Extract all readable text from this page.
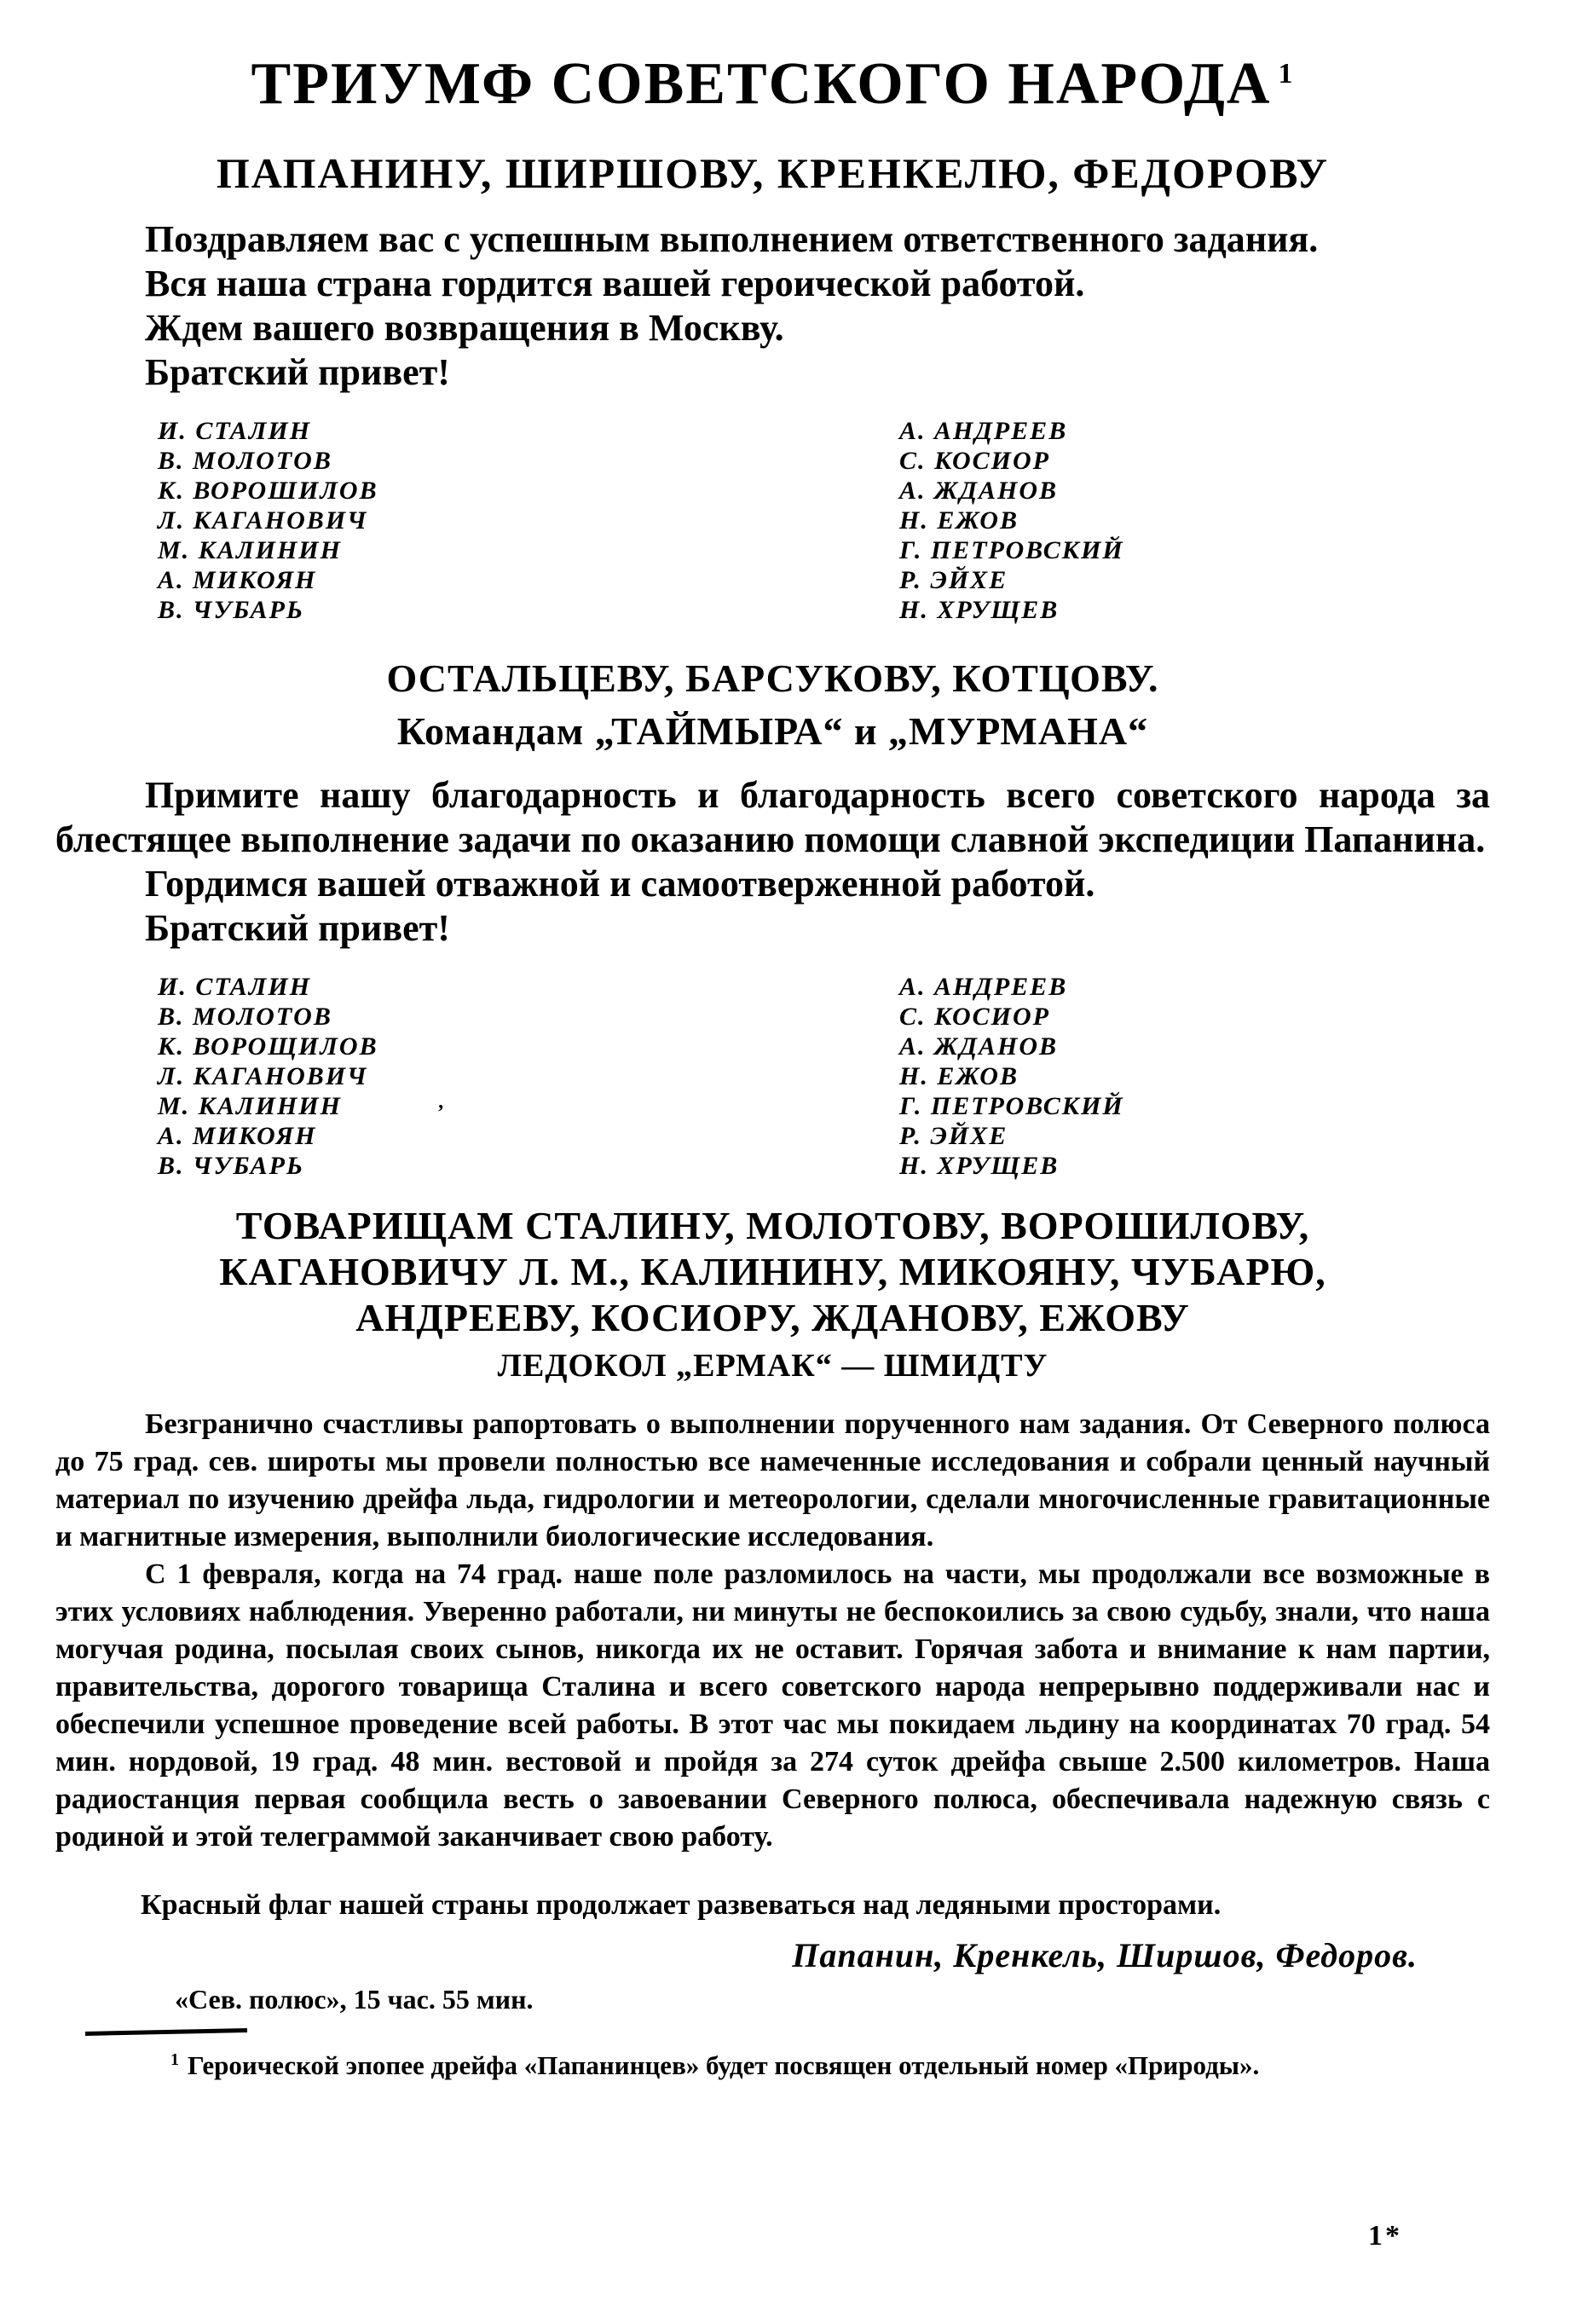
ТРИУМФ СОВЕТСКОГО НАРОДА $^1$
ПАПАНИНУ, ШИРШОВУ, КРЕНКЕЛЮ, ФЕДОРОВУ
Поздравляем вас с успешным выполнением ответственного задания.
Вся наша страна гордится вашей героической работой.
Ждем вашего возвращения в Москву.
Братский привет!
И. СТАЛИН
В. МОЛОТОВ
К. ВОРОШИЛОВ
Л. КАГАНОВИЧ
М. КАЛИНИН
А. МИКОЯН
В. ЧУБАРЬ
А. АНДРЕЕВ
С. КОСИОР
А. ЖДАНОВ
Н. ЕЖОВ
Г. ПЕТРОВСКИЙ
Р. ЭЙХЕ
Н. ХРУЩЕВ
ОСТАЛЬЦЕВУ, БАРСУКОВУ, КОТЦОВУ.
Командам „ТАЙМЫРА“ и „МУРМАНА“
Примите нашу благодарность и благодарность всего советского народа за блестящее выполнение задачи по оказанию помощи славной экспедиции Папанина.
Гордимся вашей отважной и самоотверженной работой.
Братский привет!
И. СТАЛИН
В. МОЛОТОВ
К. ВОРОЩИЛОВ
Л. КАГАНОВИЧ
М. КАЛИНИН
А. МИКОЯН
В. ЧУБАРЬ
А. АНДРЕЕВ
С. КОСИОР
А. ЖДАНОВ
Н. ЕЖОВ
Г. ПЕТРОВСКИЙ
Р. ЭЙХЕ
Н. ХРУЩЕВ
’
ТОВАРИЩАМ СТАЛИНУ, МОЛОТОВУ, ВОРОШИЛОВУ,
КАГАНОВИЧУ Л. М., КАЛИНИНУ, МИКОЯНУ, ЧУБАРЮ,
АНДРЕЕВУ, КОСИОРУ, ЖДАНОВУ, ЕЖОВУ
ЛЕДОКОЛ „ЕРМАК“ — ШМИДТУ
Безгранично счастливы рапортовать о выполнении порученного нам задания. От Северного полюса до 75 град. сев. широты мы провели полностью все намеченные исследования и собрали ценный научный материал по изучению дрейфа льда, гидрологии и метеорологии, сделали многочисленные гравитационные и магнитные измерения, выполнили биологические исследования.
С 1 февраля, когда на 74 град. наше поле разломилось на части, мы продолжали все возможные в этих условиях наблюдения. Уверенно работали, ни минуты не беспокоились за свою судьбу, знали, что наша могучая родина, посылая своих сынов, никогда их не оставит. Горячая забота и внимание к нам партии, правительства, дорогого товарища Сталина и всего советского народа непрерывно поддерживали нас и обеспечили успешное проведение всей работы. В этот час мы покидаем льдину на координатах 70 град. 54 мин. нордовой, 19 град. 48 мин. вестовой и пройдя за 274 суток дрейфа свыше 2.500 километров. Наша радиостанция первая сообщила весть о завоевании Северного полюса, обеспечивала надежную связь с родиной и этой телеграммой заканчивает свою работу.
Красный флаг нашей страны продолжает развеваться над ледяными просторами.
Папанин, Кренкель, Ширшов, Федоров.
«Сев. полюс», 15 час. 55 мин.
$^1$ Героической эпопее дрейфа «Папанинцев» будет посвящен отдельный номер «Природы».
1*
